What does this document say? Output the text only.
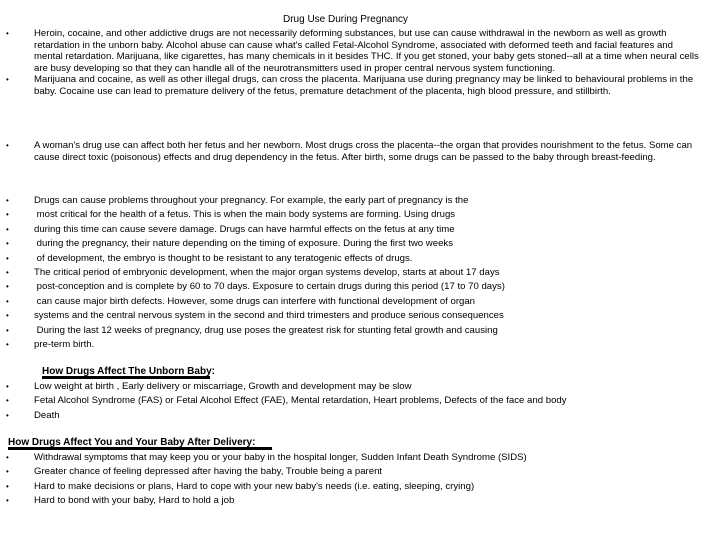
Drug Use During Pregnancy
•	Heroin, cocaine, and other addictive drugs are not necessarily deforming substances, but use can cause withdrawal in the newborn as well as growth retardation in the unborn baby. Alcohol abuse can cause what's called Fetal-Alcohol Syndrome, associated with deformed teeth and facial features and mental retardation. Marijuana, like cigarettes, has many chemicals in it besides THC. If you get stoned, your baby gets stoned--all at a time when neural cells are busy developing so that they can handle all of the neurotransmitters used in proper central nervous system functioning.
•	Marijuana and cocaine, as well as other illegal drugs, can cross the placenta. Marijuana use during pregnancy may be linked to behavioural problems in the baby. Cocaine use can lead to premature delivery of the fetus, premature detachment of the placenta, high blood pressure, and stillbirth.
•	A woman's drug use can affect both her fetus and her newborn. Most drugs cross the placenta--the organ that provides nourishment to the fetus. Some can cause direct toxic (poisonous) effects and drug dependency in the fetus. After birth, some drugs can be passed to the baby through breast-feeding.
•	Drugs can cause problems throughout your pregnancy. For example, the early part of pregnancy is the
•	most critical for the health of a fetus. This is when the main body systems are forming. Using drugs
•	during this time can cause severe damage. Drugs can have harmful effects on the fetus at any time
•	during the pregnancy, their nature depending on the timing of exposure. During the first two weeks
•	of development, the embryo is thought to be resistant to any teratogenic effects of drugs.
•	The critical period of embryonic development, when the major organ systems develop, starts at about 17 days
•	post-conception and is complete by 60 to 70 days. Exposure to certain drugs during this period (17 to 70 days)
•	can cause major birth defects. However, some drugs can interfere with functional development of organ
•	systems and the central nervous system in the second and third trimesters and produce serious consequences
•	During the last 12 weeks of pregnancy, drug use poses the greatest risk for stunting fetal growth and causing
•	pre-term birth.
How Drugs Affect The Unborn Baby:
•	Low weight at birth , Early delivery or miscarriage, Growth and development may be slow
•	Fetal Alcohol Syndrome (FAS) or Fetal Alcohol Effect (FAE), Mental retardation, Heart problems, Defects of the face and body
•	Death
How Drugs Affect You and Your Baby After Delivery:
•	Withdrawal symptoms that may keep you or your baby in the hospital longer, Sudden Infant Death Syndrome (SIDS)
•	Greater chance of feeling depressed after having the baby, Trouble being a parent
•	Hard to make decisions or plans, Hard to cope with your new baby's needs (i.e. eating, sleeping, crying)
•	Hard to bond with your baby, Hard to hold a job
